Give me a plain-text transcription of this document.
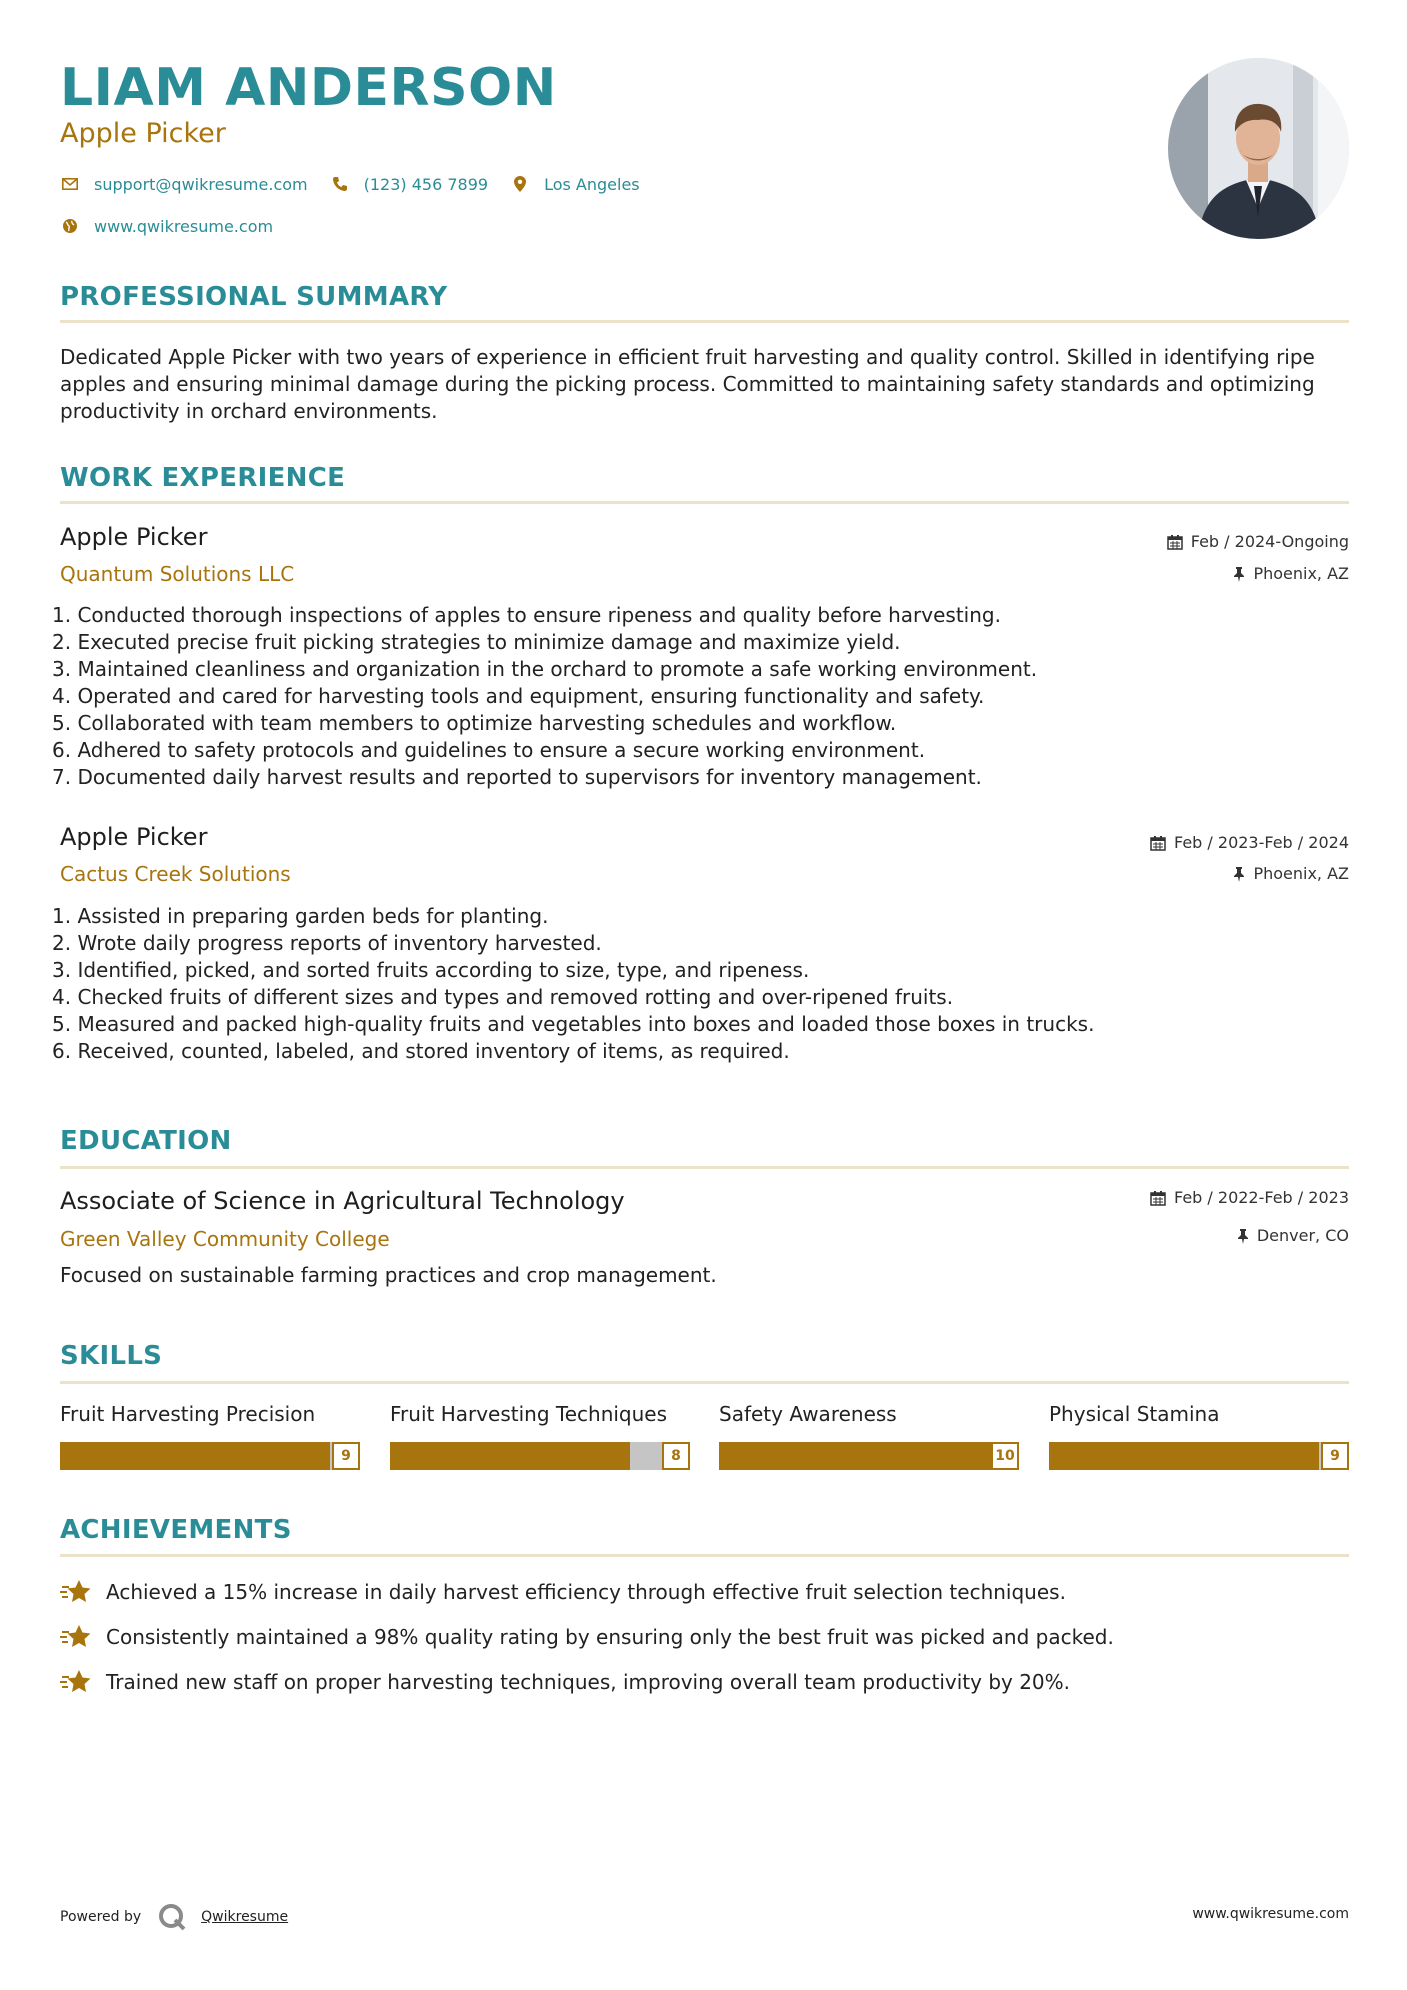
LIAM ANDERSON
Apple Picker
support@qwikresume.com	(123) 456 7899	Los Angeles
www.qwikresume.com
PROFESSIONAL SUMMARY
Dedicated Apple Picker with two years of experience in efficient fruit harvesting and quality control. Skilled in identifying ripe apples and ensuring minimal damage during the picking process. Committed to maintaining safety standards and optimizing productivity in orchard environments.
WORK EXPERIENCE
Apple Picker
Quantum Solutions LLC
Feb / 2024-Ongoing
Phoenix, AZ
1. Conducted thorough inspections of apples to ensure ripeness and quality before harvesting.
2. Executed precise fruit picking strategies to minimize damage and maximize yield.
3. Maintained cleanliness and organization in the orchard to promote a safe working environment.
4. Operated and cared for harvesting tools and equipment, ensuring functionality and safety.
5. Collaborated with team members to optimize harvesting schedules and workflow.
6. Adhered to safety protocols and guidelines to ensure a secure working environment.
7. Documented daily harvest results and reported to supervisors for inventory management.
Apple Picker
Cactus Creek Solutions
Feb / 2023-Feb / 2024
Phoenix, AZ
1. Assisted in preparing garden beds for planting.
2. Wrote daily progress reports of inventory harvested.
3. Identified, picked, and sorted fruits according to size, type, and ripeness.
4. Checked fruits of different sizes and types and removed rotting and over-ripened fruits.
5. Measured and packed high-quality fruits and vegetables into boxes and loaded those boxes in trucks.
6. Received, counted, labeled, and stored inventory of items, as required.
EDUCATION
Associate of Science in Agricultural Technology
Green Valley Community College
Feb / 2022-Feb / 2023
Denver, CO
Focused on sustainable farming practices and crop management.
SKILLS
Fruit Harvesting Precision
9
Fruit Harvesting Techniques
8
Safety Awareness
10
Physical Stamina
9
ACHIEVEMENTS
Achieved a 15% increase in daily harvest efficiency through effective fruit selection techniques.
Consistently maintained a 98% quality rating by ensuring only the best fruit was picked and packed.
Trained new staff on proper harvesting techniques, improving overall team productivity by 20%.
Powered by	Qwikresume	www.qwikresume.com
